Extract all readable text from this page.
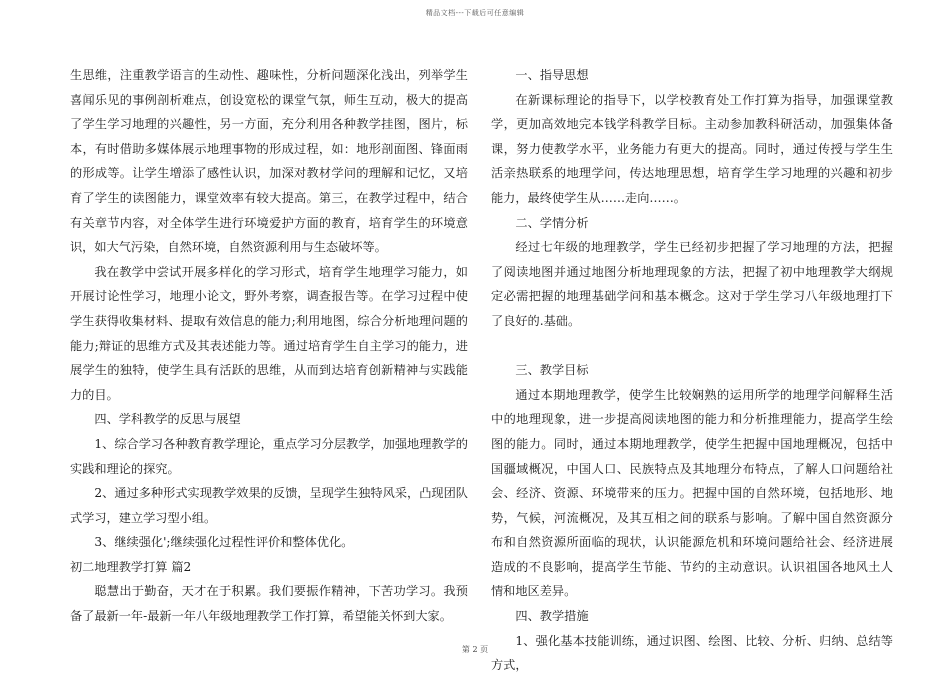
精品文档---下载后可任意编辑

生思维，注重教学语言的生动性、趣味性，分析问题深化浅出，列举学生喜闻乐见的事例剖析难点，创设宽松的课堂气氛，师生互动，极大的提高了学生学习地理的兴趣性，另一方面，充分利用各种教学挂图，图片，标本，有时借助多媒体展示地理事物的形成过程，如：地形剖面图、锋面雨的形成等。让学生增添了感性认识，加深对教材学问的理解和记忆，又培育了学生的读图能力，课堂效率有较大提高。第三，在教学过程中，结合有关章节内容，对全体学生进行环境爱护方面的教育，培育学生的环境意识，如大气污染，自然环境，自然资源利用与生态破坏等。

我在教学中尝试开展多样化的学习形式，培育学生地理学习能力，如开展讨论性学习，地理小论文，野外考察，调查报告等。在学习过程中使学生获得收集材料、提取有效信息的能力;利用地图，综合分析地理问题的能力;辩证的思维方式及其表述能力等。通过培育学生自主学习的能力，进展学生的独特，使学生具有活跃的思维，从而到达培育创新精神与实践能力的目。

四、学科教学的反思与展望

1、综合学习各种教育教学理论，重点学习分层教学，加强地理教学的实践和理论的探究。

2、通过多种形式实现教学效果的反馈，呈现学生独特风采，凸现团队式学习，建立学习型小组。

3、继续强化';继续强化过程性评价和整体优化。

初二地理教学打算 篇2

聪慧出于勤奋，天才在于积累。我们要振作精神，下苦功学习。我预备了最新一年-最新一年八年级地理教学工作打算，希望能关怀到大家。

一、指导思想

在新课标理论的指导下，以学校教育处工作打算为指导，加强课堂教学，更加高效地完本钱学科教学目标。主动参加教科研活动，加强集体备课，努力使教学水平，业务能力有更大的提高。同时，通过传授与学生生活亲热联系的地理学问，传达地理思想，培育学生学习地理的兴趣和初步能力，最终使学生从……走向……。

二、学情分析

经过七年级的地理教学，学生已经初步把握了学习地理的方法，把握了阅读地图并通过地图分析地理现象的方法，把握了初中地理教学大纲规定必需把握的地理基础学问和基本概念。这对于学生学习八年级地理打下了良好的.基础。

三、教学目标

通过本期地理教学，使学生比较娴熟的运用所学的地理学问解释生活中的地理现象，进一步提高阅读地图的能力和分析推理能力，提高学生绘图的能力。同时，通过本期地理教学，使学生把握中国地理概况，包括中国疆域概况，中国人口、民族特点及其地理分布特点，了解人口问题给社会、经济、资源、环境带来的压力。把握中国的自然环境，包括地形、地势，气候，河流概况，及其互相之间的联系与影响。了解中国自然资源分布和自然资源所面临的现状，认识能源危机和环境问题给社会、经济进展造成的不良影响，提高学生节能、节约的主动意识。认识祖国各地风土人情和地区差异。

四、教学措施

1、强化基本技能训练，通过识图、绘图、比较、分析、归纳、总结等方式，

第 2 页
